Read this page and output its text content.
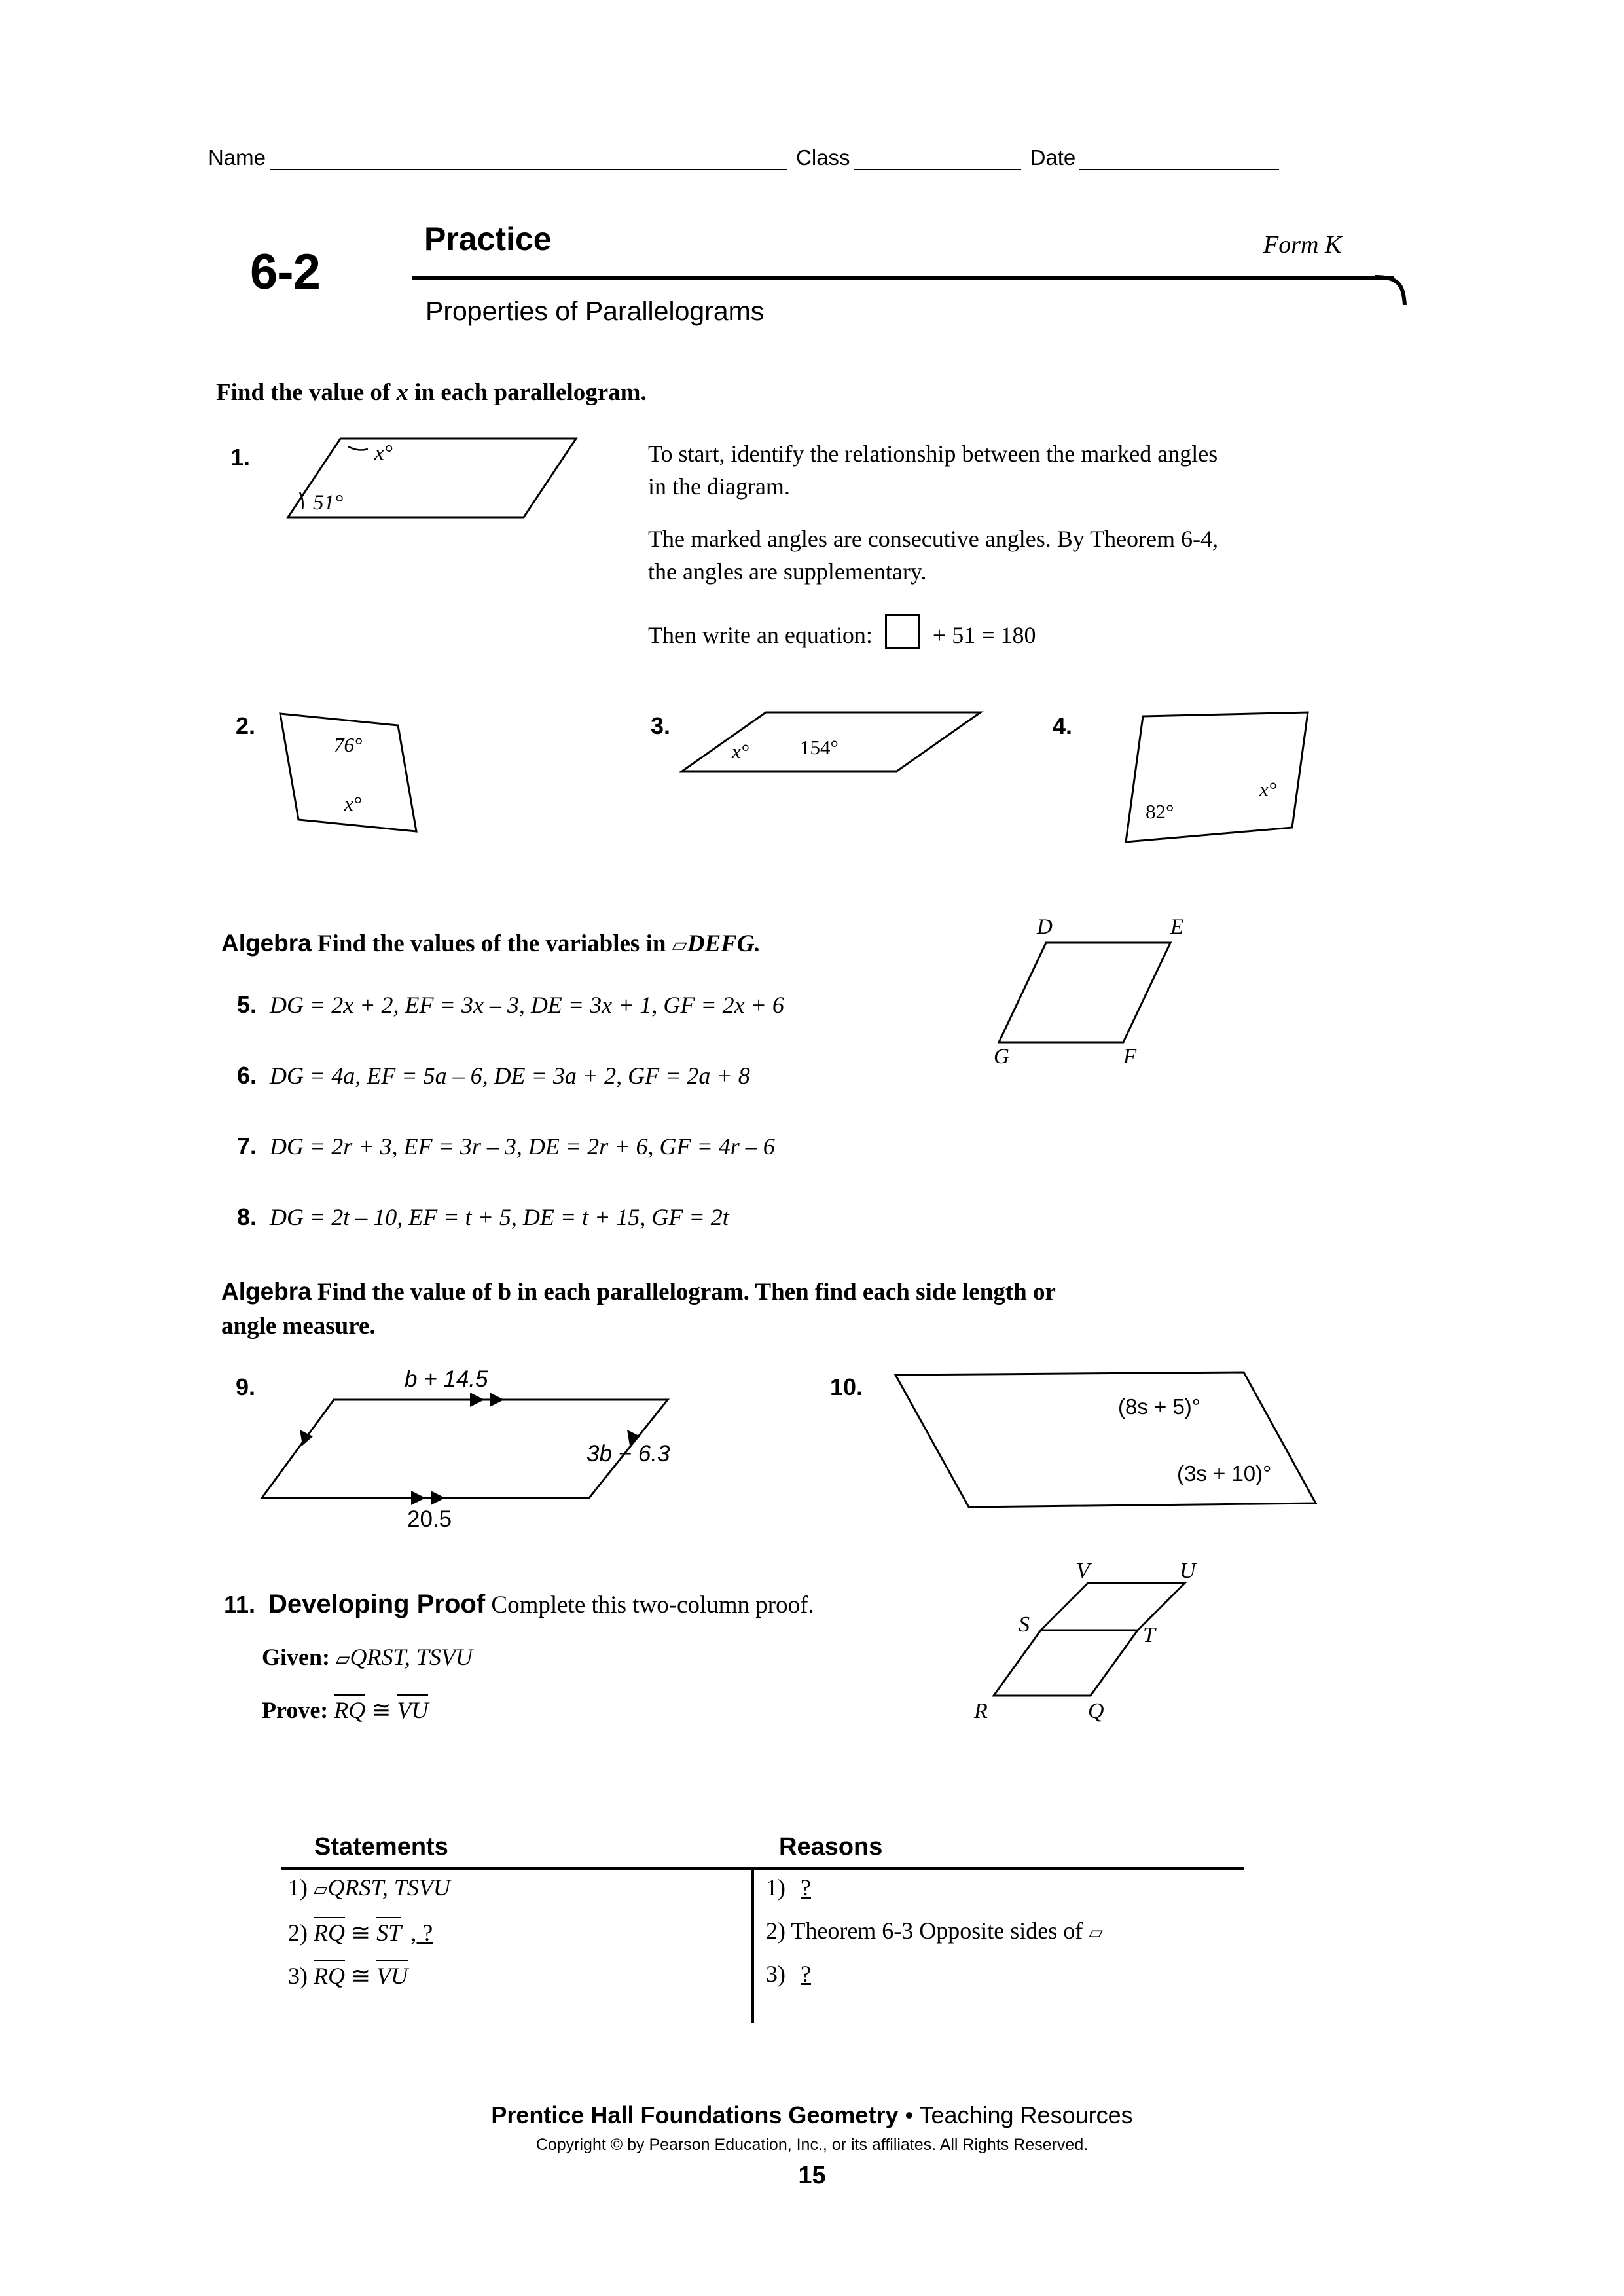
Name	Class	Date
6-2
Practice	Form K
Properties of Parallelograms
Find the value of x in each parallelogram.
1.	x°
51°
To start, identify the relationship between the marked angles in the diagram.
The marked angles are consecutive angles. By Theorem 6-4, the angles are supplementary.
Then write an equation:	+ 51 = 180
2.
76°
x°
3.
x°	154°
4.
82°
x°
Algebra Find the values of the variables in ▱DEFG.
D	E
F
G
5. DG = 2x + 2, EF = 3x – 3, DE = 3x + 1, GF = 2x + 6
6. DG = 4a, EF = 5a – 6, DE = 3a + 2, GF = 2a + 8
7. DG = 2r + 3, EF = 3r – 3, DE = 2r + 6, GF = 4r – 6
8. DG = 2t – 10, EF = t + 5, DE = t + 15, GF = 2t
Algebra Find the value of b in each parallelogram. Then find each side length or
angle measure.
9.	b + 14.5
3b − 6.3
20.5
10.
(8s + 5)°
(3s + 10)°
11. Developing Proof Complete this two-column proof.
Given: ▱QRST, TSVU
Prove: RQ ≅ VU
V	U
S	T
R	Q
Statements	Reasons
1) ▱QRST, TSVU	1) ?
2) RQ ≅ ST , ?	2) Theorem 6-3 Opposite sides of ▱
3) RQ ≅ VU	3) ?
Prentice Hall Foundations Geometry • Teaching Resources
Copyright © by Pearson Education, Inc., or its affiliates. All Rights Reserved.
15
